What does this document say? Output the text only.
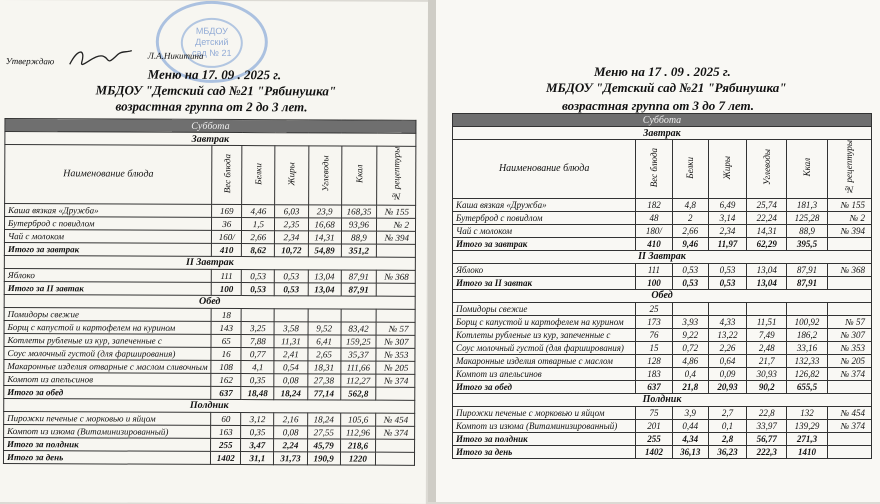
МБДОУ
Детский
сад № 21
Утверждаю
Л.А.Никитина
Меню на 17. 09 . 2025 г.
МБДОУ "Детский сад №21 "Рябинушка"
возрастная группа от 2 до 3 лет.
Суббота						
Завтрак						
Наименование блюда	Вес блюда	Белки	Жиры	Углеводы	Ккал	№ рецептуры
Каша вязкая «Дружба»	169	4,46	6,03	23,9	168,35	№ 155
Бутерброд с повидлом	36	1,5	2,35	16,68	93,96	№ 2
Чай с молоком	160/	2,66	2,34	14,31	88,9	№ 394
Итого за завтрак	410	8,62	10,72	54,89	351,2	
II Завтрак						
Яблоко	111	0,53	0,53	13,04	87,91	№ 368
Итого за II завтак	100	0,53	0,53	13,04	87,91	
Обед						
Помидоры свежие	18					
Борщ с капустой и картофелем на курином	143	3,25	3,58	9,52	83,42	№ 57
Котлеты рубленые из кур, запеченные с	65	7,88	11,31	6,41	159,25	№ 307
Соус молочный густой (для фарширования)	16	0,77	2,41	2,65	35,37	№ 353
Макаронные изделия отварные с маслом сливочным	108	4,1	0,54	18,31	111,66	№ 205
Компот из апельсинов	162	0,35	0,08	27,38	112,27	№ 374
Итого за обед	637	18,48	18,24	77,14	562,8	
Полдник						
Пирожки печеные с морковью и яйцом	60	3,12	2,16	18,24	105,6	№ 454
Компот из изюма (Витаминизированный)	163	0,35	0,08	27,55	112,96	№ 374
Итого за полдник	255	3,47	2,24	45,79	218,6	
Итого за день	1402	31,1	31,73	190,9	1220	
Меню на 17 . 09 . 2025 г.
МБДОУ "Детский сад №21 "Рябинушка"
возрастная группа от 3 до 7 лет.
Суббота						
Завтрак						
Наименование блюда	Вес блюда	Белки	Жиры	Углеводы	Ккал	№ рецептуры
Каша вязкая «Дружба»	182	4,8	6,49	25,74	181,3	№ 155
Бутерброд с повидлом	48	2	3,14	22,24	125,28	№ 2
Чай с молоком	180/	2,66	2,34	14,31	88,9	№ 394
Итого за завтрак	410	9,46	11,97	62,29	395,5	
II Завтрак						
Яблоко	111	0,53	0,53	13,04	87,91	№ 368
Итого за II завтак	100	0,53	0,53	13,04	87,91	
Обед						
Помидоры свежие	25					
Борщ с капустой и картофелем на курином	173	3,93	4,33	11,51	100,92	№ 57
Котлеты рубленые из кур, запеченные с	76	9,22	13,22	7,49	186,2	№ 307
Соус молочный густой (для фарширования)	15	0,72	2,26	2,48	33,16	№ 353
Макаронные изделия отварные с маслом	128	4,86	0,64	21,7	132,33	№ 205
Компот из апельсинов	183	0,4	0,09	30,93	126,82	№ 374
Итого за обед	637	21,8	20,93	90,2	655,5	
Полдник						
Пирожки печеные с морковью и яйцом	75	3,9	2,7	22,8	132	№ 454
Компот из изюма (Витаминизированный)	201	0,44	0,1	33,97	139,29	№ 374
Итого за полдник	255	4,34	2,8	56,77	271,3	
Итого за день	1402	36,13	36,23	222,3	1410	
